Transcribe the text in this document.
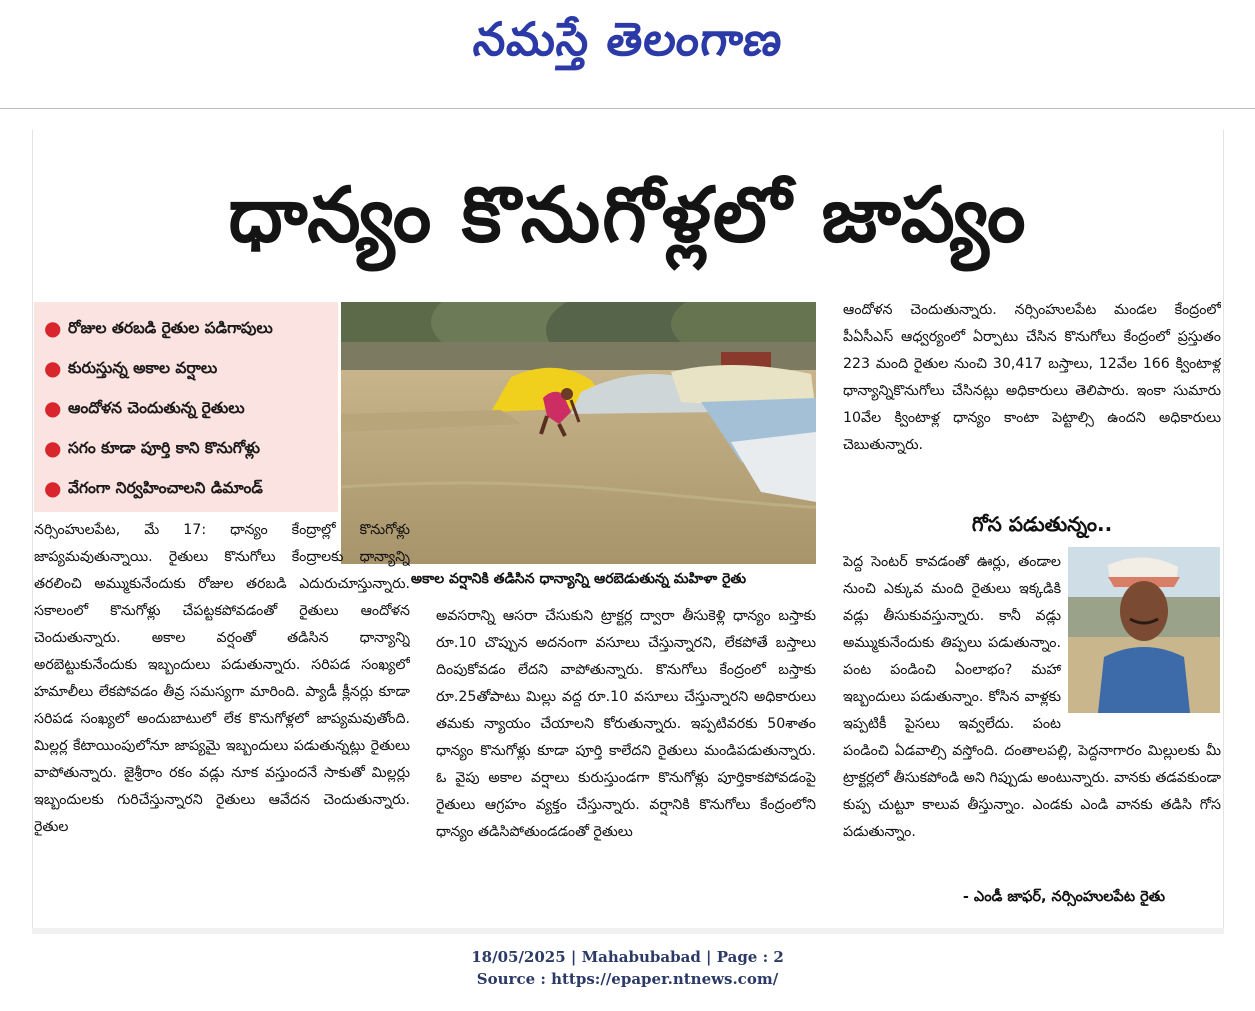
నమస్తే తెలంగాణ
ధాన్యం కొనుగోళ్లలో జాప్యం
● రోజుల తరబడి రైతుల పడిగాపులు
● కురుస్తున్న అకాల వర్షాలు
● ఆందోళన చెందుతున్న రైతులు
● సగం కూడా పూర్తి కాని కొనుగోళ్లు
● వేగంగా నిర్వహించాలని డిమాండ్
అకాల వర్షానికి తడిసిన ధాన్యాన్ని ఆరబెడుతున్న మహిళా రైతు

నర్సింహులపేట, మే 17: ధాన్యం కేంద్రాల్లో కొనుగోళ్లు జాప్యమవుతున్నాయి. రైతులు కొనుగోలు కేంద్రాలకు ధాన్యాన్ని తరలించి అమ్ముకునేందుకు రోజుల తరబడి ఎదురుచూస్తున్నారు. సకాలంలో కొనుగోళ్లు చేపట్టకపోవడంతో రైతులు ఆందోళన చెందుతున్నారు. అకాల వర్షంతో తడిసిన ధాన్యాన్ని అరబెట్టుకునేందుకు ఇబ్బందులు పడుతున్నారు. సరిపడ సంఖ్యలో హమాలీలు లేకపోవడం తీవ్ర సమస్యగా మారింది. ప్యాడీ క్లీనర్లు కూడా సరిపడ సంఖ్యలో అందుబాటులో లేక కొనుగోళ్లలో జాప్యమవుతోంది. మిల్లర్ల కేటాయింపులోనూ జాప్యమై ఇబ్బందులు పడుతున్నట్లు రైతులు వాపోతున్నారు. జైశ్రీరాం రకం వడ్లు నూక వస్తుందనే సాకుతో మిల్లర్లు ఇబ్బందులకు గురిచేస్తున్నారని రైతులు ఆవేదన చెందుతున్నారు. రైతుల

అవసరాన్ని ఆసరా చేసుకుని ట్రాక్టర్ల ద్వారా తీసుకెళ్లి ధాన్యం బస్తాకు రూ.10 చొప్పున అదనంగా వసూలు చేస్తున్నారని, లేకపోతే బస్తాలు దింపుకోవడం లేదని వాపోతున్నారు. కొనుగోలు కేంద్రంలో బస్తాకు రూ.25తోపాటు మిల్లు వద్ద రూ.10 వసూలు చేస్తున్నారని అధికారులు తమకు న్యాయం చేయాలని కోరుతున్నారు. ఇప్పటివరకు 50శాతం ధాన్యం కొనుగోళ్లు కూడా పూర్తి కాలేదని రైతులు మండిపడుతున్నారు. ఓ వైపు అకాల వర్షాలు కురుస్తుండగా కొనుగోళ్లు పూర్తికాకపోవడంపై రైతులు ఆగ్రహం వ్యక్తం చేస్తున్నారు. వర్షానికి కొనుగోలు కేంద్రంలోని ధాన్యం తడిసిపోతుండడంతో రైతులు

ఆందోళన చెందుతున్నారు. నర్సింహులపేట మండల కేంద్రంలో పీఏసీఎస్ ఆధ్వర్యంలో ఏర్పాటు చేసిన కొనుగోలు కేంద్రంలో ప్రస్తుతం 223 మంది రైతుల నుంచి 30,417 బస్తాలు, 12వేల 166 క్వింటాళ్ల ధాన్యాన్నికొనుగోలు చేసినట్లు అధికారులు తెలిపారు. ఇంకా సుమారు 10వేల క్వింటాళ్ల ధాన్యం కాంటా పెట్టాల్సి ఉందని అధికారులు చెబుతున్నారు.

గోస పడుతున్నం..

పెద్ద సెంటర్ కావడంతో ఊర్లు, తండాల నుంచి ఎక్కువ మంది రైతులు ఇక్కడికి వడ్లు తీసుకువస్తున్నారు. కానీ వడ్లు అమ్ముకునేందుకు తిప్పలు పడుతున్నాం. పంట పండించి ఏంలాభం? మహా ఇబ్బందులు పడుతున్నాం. కోసిన వాళ్లకు ఇప్పటికీ పైసలు ఇవ్వలేదు. పంట పండించి ఏడవాల్సి వస్తోంది. దంతాలపల్లి, పెద్దనాగారం మిల్లులకు మీ ట్రాక్టర్లలో తీసుకపోండి అని గిప్పుడు అంటున్నారు. వానకు తడవకుండా కుప్ప చుట్టూ కాలువ తీస్తున్నాం. ఎండకు ఎండి వానకు తడిసి గోస పడుతున్నాం.

- ఎండీ జాఫర్, నర్సింహులపేట రైతు
18/05/2025 | Mahabubabad | Page : 2
Source : https://epaper.ntnews.com/
